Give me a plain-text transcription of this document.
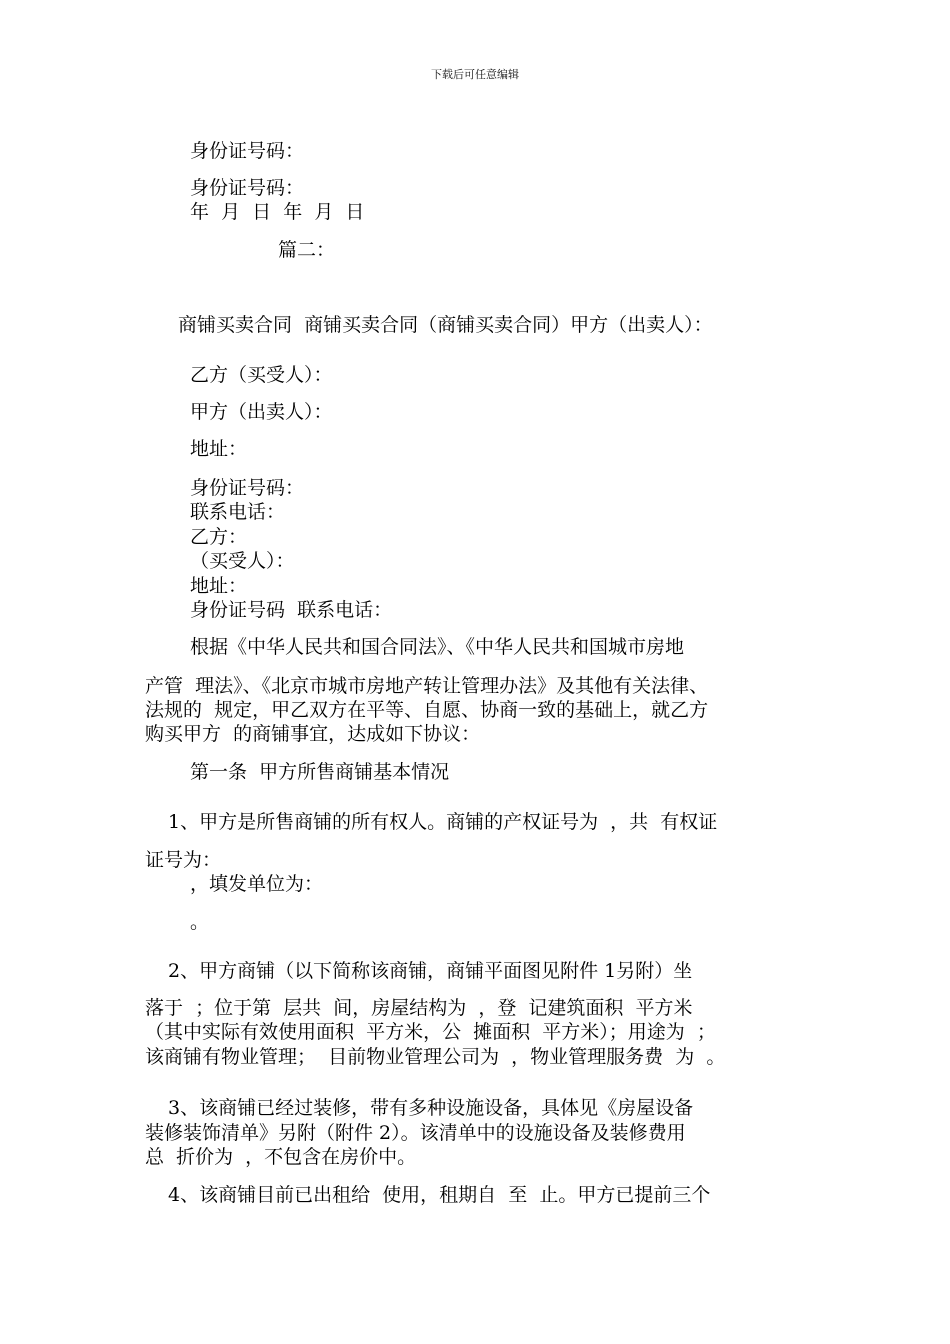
下载后可任意编辑
身份证号码：
身份证号码：
年  月  日  年  月  日
篇二：
商铺买卖合同  商铺买卖合同（商铺买卖合同）甲方（出卖人）：
乙方（买受人）：
甲方（出卖人）：
地址：
身份证号码：
联系电话：
乙方：
（买受人）：
地址：
身份证号码  联系电话：
根据《中华人民共和国合同法》、《中华人民共和国城市房地
产管  理法》、《北京市城市房地产转让管理办法》及其他有关法律、
法规的  规定，甲乙双方在平等、自愿、协商一致的基础上，就乙方
购买甲方  的商铺事宜，达成如下协议：
第一条  甲方所售商铺基本情况
1、甲方是所售商铺的所有权人。商铺的产权证号为  ，共  有权证
证号为：
，填发单位为：
。
2、甲方商铺（以下简称该商铺，商铺平面图见附件 1另附）坐
落于  ；位于第  层共  间，房屋结构为  ，登  记建筑面积  平方米
（其中实际有效使用面积  平方米，公  摊面积  平方米）；用途为  ；
该商铺有物业管理；  目前物业管理公司为  ，物业管理服务费  为  。
3、该商铺已经过装修，带有多种设施设备，具体见《房屋设备
装修装饰清单》另附（附件 2）。该清单中的设施设备及装修费用
总  折价为  ，不包含在房价中。
4、该商铺目前已出租给  使用，租期自  至  止。甲方已提前三个
